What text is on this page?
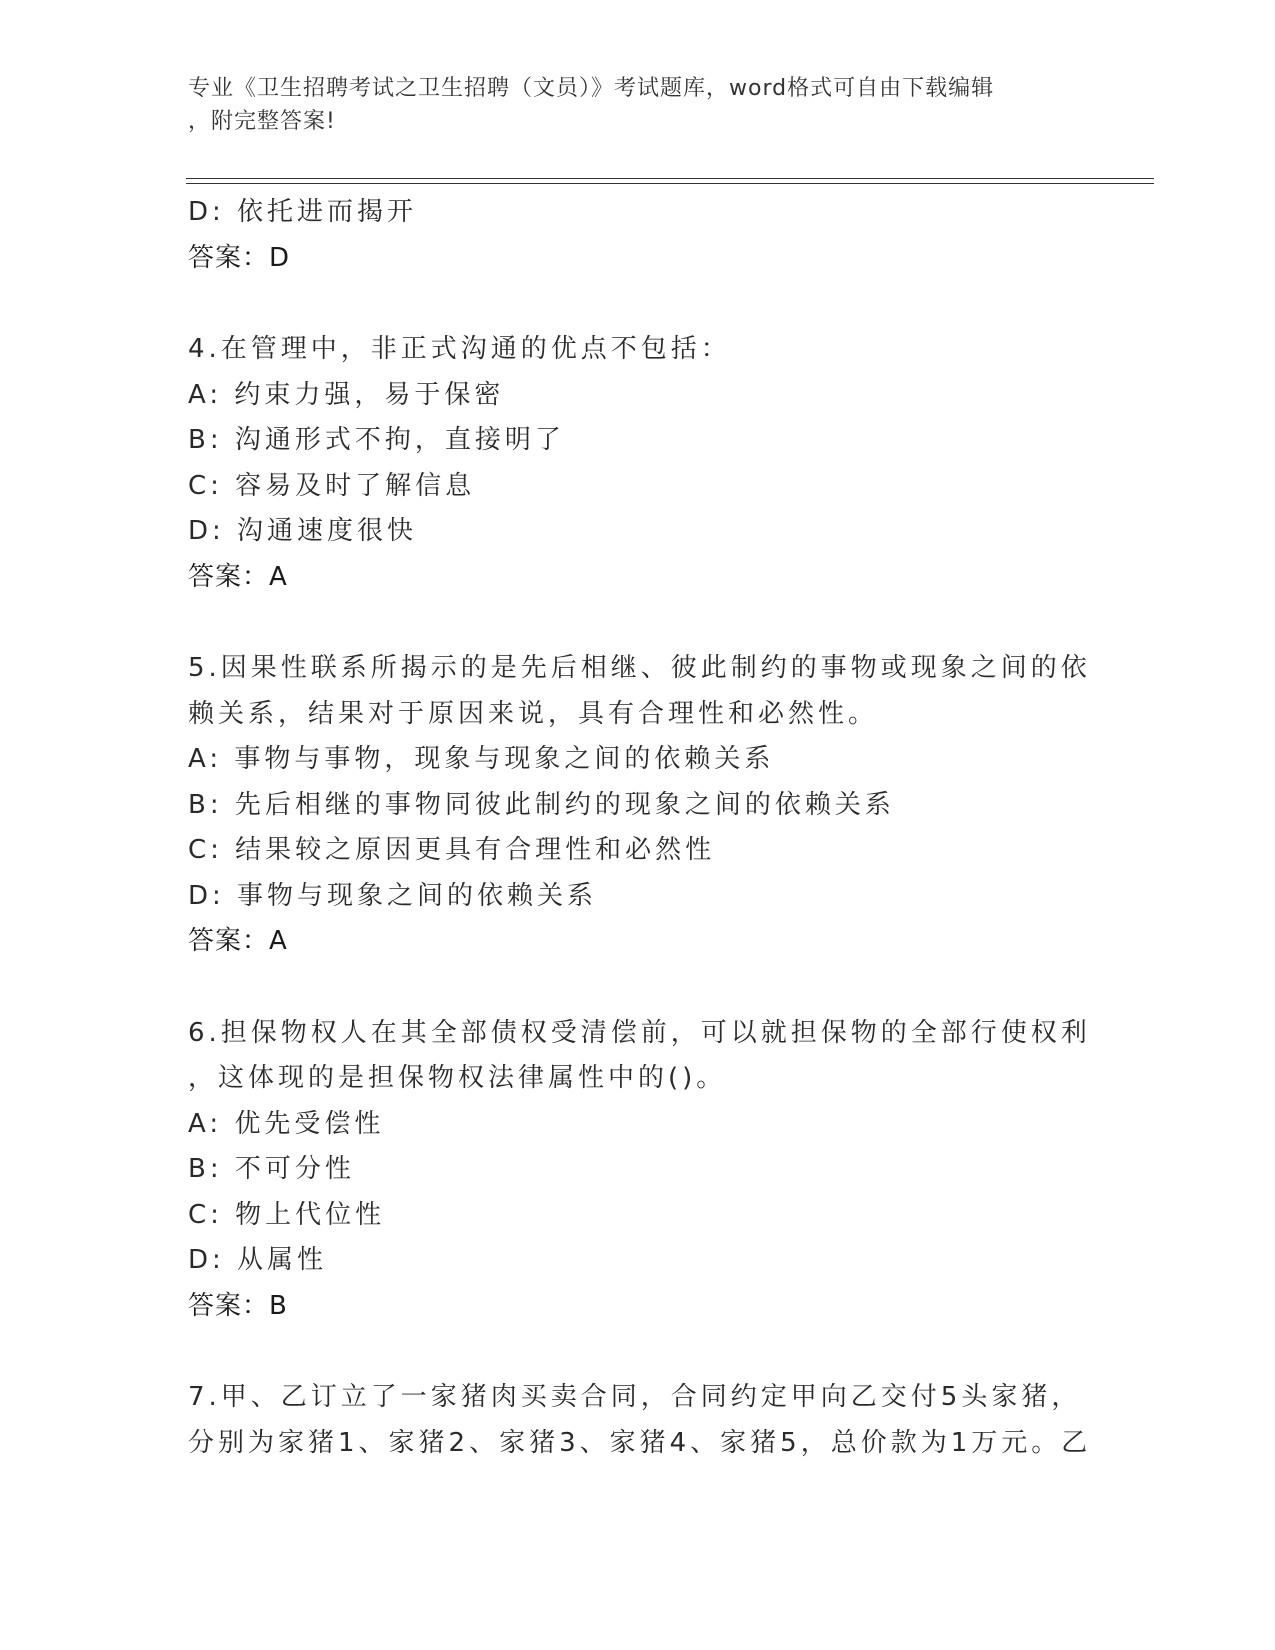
专业《卫生招聘考试之卫生招聘（文员）》考试题库，word格式可自由下载编辑
，附完整答案!
D: 依托进而揭开
答案：D
4.在管理中，非正式沟通的优点不包括：
A: 约束力强，易于保密
B: 沟通形式不拘，直接明了
C: 容易及时了解信息
D: 沟通速度很快
答案：A
5.因果性联系所揭示的是先后相继、彼此制约的事物或现象之间的依
赖关系，结果对于原因来说，具有合理性和必然性。
A: 事物与事物，现象与现象之间的依赖关系
B: 先后相继的事物同彼此制约的现象之间的依赖关系
C: 结果较之原因更具有合理性和必然性
D: 事物与现象之间的依赖关系
答案：A
6.担保物权人在其全部债权受清偿前，可以就担保物的全部行使权利
，这体现的是担保物权法律属性中的()。
A: 优先受偿性
B: 不可分性
C: 物上代位性
D: 从属性
答案：B
7.甲、乙订立了一家猪肉买卖合同，合同约定甲向乙交付5头家猪，
分别为家猪1、家猪2、家猪3、家猪4、家猪5，总价款为1万元。乙
